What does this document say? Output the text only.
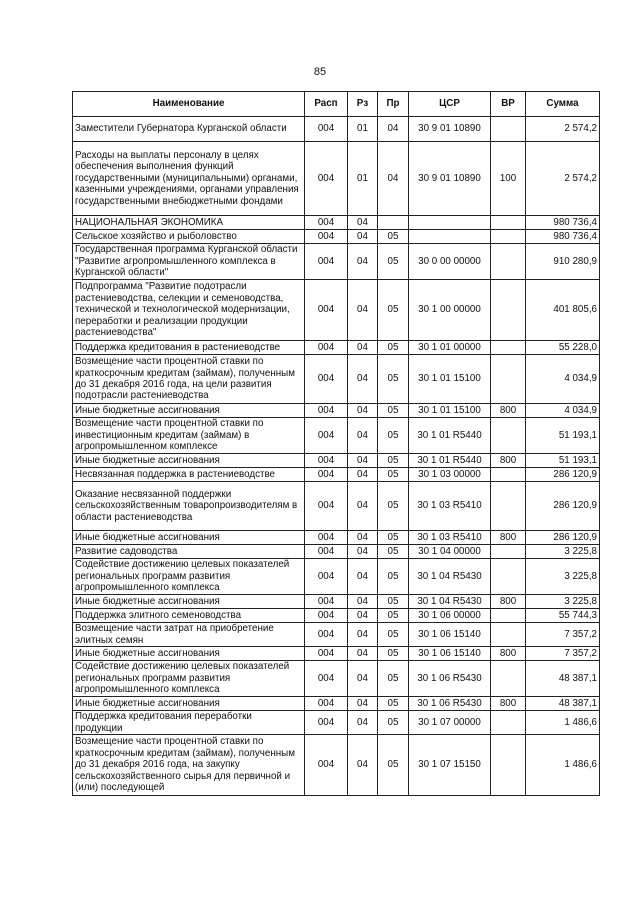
85
Наименование	Расп	Рз	Пр	ЦСР	ВР	Сумма
Заместители Губернатора Курганской области	004	01	04	30 9 01 10890		2 574,2
Расходы на выплаты персоналу в целях обеспечения выполнения функций государственными (муниципальными) органами, казенными учреждениями, органами управления государственными внебюджетными фондами	004	01	04	30 9 01 10890	100	2 574,2
НАЦИОНАЛЬНАЯ ЭКОНОМИКА	004	04				980 736,4
Сельское хозяйство и рыболовство	004	04	05			980 736,4
Государственная программа Курганской области "Развитие агропромышленного комплекса в Курганской области"	004	04	05	30 0 00 00000		910 280,9
Подпрограмма "Развитие подотрасли растениеводства, селекции и семеноводства, технической и технологической модернизации, переработки и реализации продукции растениеводства"	004	04	05	30 1 00 00000		401 805,6
Поддержка кредитования в растениеводстве	004	04	05	30 1 01 00000		55 228,0
Возмещение части процентной ставки по краткосрочным кредитам (займам), полученным до 31 декабря 2016 года, на цели развития подотрасли растениеводства	004	04	05	30 1 01 15100		4 034,9
Иные бюджетные ассигнования	004	04	05	30 1 01 15100	800	4 034,9
Возмещение части процентной ставки по инвестиционным кредитам (займам) в агропромышленном комплексе	004	04	05	30 1 01 R5440		51 193,1
Иные бюджетные ассигнования	004	04	05	30 1 01 R5440	800	51 193,1
Несвязанная поддержка в растениеводстве	004	04	05	30 1 03 00000		286 120,9
Оказание несвязанной поддержки сельскохозяйственным товаропроизводителям в области растениеводства	004	04	05	30 1 03 R5410		286 120,9
Иные бюджетные ассигнования	004	04	05	30 1 03 R5410	800	286 120,9
Развитие садоводства	004	04	05	30 1 04 00000		3 225,8
Содействие достижению целевых показателей региональных программ развития агропромышленного комплекса	004	04	05	30 1 04 R5430		3 225,8
Иные бюджетные ассигнования	004	04	05	30 1 04 R5430	800	3 225,8
Поддержка элитного семеноводства	004	04	05	30 1 06 00000		55 744,3
Возмещение части затрат на приобретение элитных семян	004	04	05	30 1 06 15140		7 357,2
Иные бюджетные ассигнования	004	04	05	30 1 06 15140	800	7 357,2
Содействие достижению целевых показателей региональных программ развития агропромышленного комплекса	004	04	05	30 1 06 R5430		48 387,1
Иные бюджетные ассигнования	004	04	05	30 1 06 R5430	800	48 387,1
Поддержка кредитования переработки продукции	004	04	05	30 1 07 00000		1 486,6
Возмещение части процентной ставки по краткосрочным кредитам (займам), полученным до 31 декабря 2016 года, на закупку сельскохозяйственного сырья для первичной и (или) последующей	004	04	05	30 1 07 15150		1 486,6
